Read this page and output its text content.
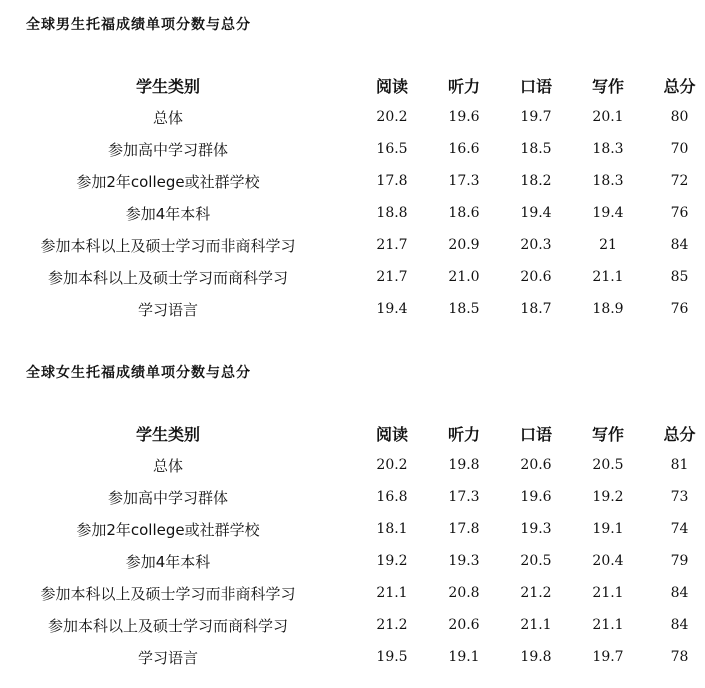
全球男生托福成绩单项分数与总分
	学生类别		阅读	听力	口语	写作	总分	
	总体		20.2	19.6	19.7	20.1	80	
	参加高中学习群体		16.5	16.6	18.5	18.3	70	
	参加2年college或社群学校		17.8	17.3	18.2	18.3	72	
	参加4年本科		18.8	18.6	19.4	19.4	76	
	参加本科以上及硕士学习而非商科学习		21.7	20.9	20.3	21	84	
	参加本科以上及硕士学习而商科学习		21.7	21.0	20.6	21.1	85	
	学习语言		19.4	18.5	18.7	18.9	76	
全球女生托福成绩单项分数与总分
	学生类别		阅读	听力	口语	写作	总分	
	总体		20.2	19.8	20.6	20.5	81	
	参加高中学习群体		16.8	17.3	19.6	19.2	73	
	参加2年college或社群学校		18.1	17.8	19.3	19.1	74	
	参加4年本科		19.2	19.3	20.5	20.4	79	
	参加本科以上及硕士学习而非商科学习		21.1	20.8	21.2	21.1	84	
	参加本科以上及硕士学习而商科学习		21.2	20.6	21.1	21.1	84	
	学习语言		19.5	19.1	19.8	19.7	78	
